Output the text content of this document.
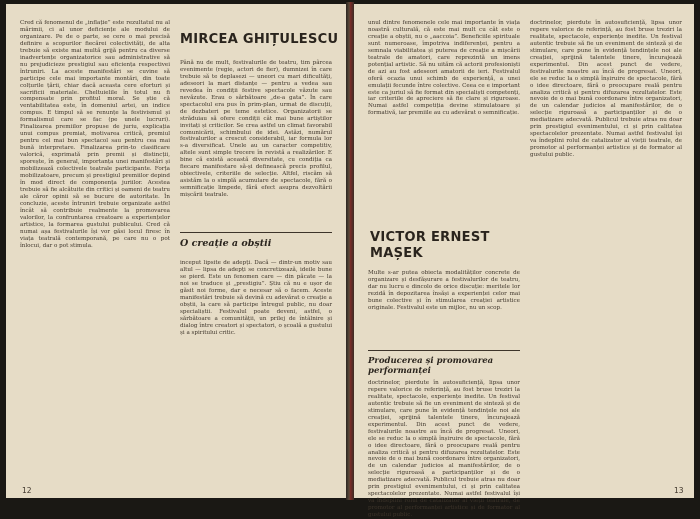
Cred că fenomenul de „inflație” este rezultatul nu al mărimii, ci al unor deficiențe ale modului de organizare. Pe de o parte, se cere o mai precisă definire a scopurilor fiecărei colectivități, de alta trebuie să existe mai multă grijă pentru ca diverse inadvertențe organizatorice sau administrative să nu prejudicieze prestigiul sau eficiența respectivei întruniri. La aceste manifestări se cuvine să participe cele mai importante montări, din toate colțurile țării, chiar dacă aceasta cere eforturi și sacrificii materiale. Cheltuielile în totul nu fi compensate prin profitul moral. Se știe că ventabilitatea este, în domeniul artei, un indice compus. E timpul să se renunțe la festivismul și formalismul care se fac (pe unele lucruri). Finalizarea premiilor propuse de juriu, explicația unui compus premiat, motivarea critică, premiul pentru cel mai bun spectacol sau pentru cea mai bună interpretare. Finalizarea prin-to clasificare valorică, exprimată prin premii și distincții, sporește, în general, importanța unei manifestări și mobilizează colectivele teatrale participante. Forța mobilizatoare, precum și prestigiul premiilor depind în mod direct de componența juriilor. Acestea trebuie să fie alcătuite din critici și oameni de teatru ale căror opinii să se bucure de autoritate. În concluzie, aceste întruniri trebuie organizate astfel încât să contribuie realmente la promovarea valorilor, la confruntarea creatoare a experiențelor artistice, la formarea gustului publicului. Cred că numai așa festivalurile își vor găsi locul firesc în viața teatrală contemporană, pe care nu o pot înlocui, dar o pot stimula.

MIRCEA GHIȚULESCU

Până nu de mult, festivalurile de teatru, tim pârcea evenimente (regie, actori de fier), dumnizei în care trebuie să te deplasezi — uneori cu mari dificultăți, adeseori la mari distanțe — pentru a vedea sau revedea în condiții festive spectacole văzute sau nevăzute. Erau o sărbătoare „de-a gata”. În care spectacolul era pus în prim-plan, urmat de discuții, de dezbateri pe teme estetice. Organizatorii se străduiau să ofere condiții cât mai bune artiștilor invitați și criticilor. Se crea astfel un climat favorabil comunicării, schimbului de idei. Astăzi, numărul festivalurilor a crescut considerabil, iar formula lor s-a diversificat. Unele au un caracter competitiv, altele sunt simple trecere în revistă a realizărilor. E bine că există această diversitate, cu condiția ca fiecare manifestare să-și definească precis profilul, obiectivele, criteriile de selecție. Altfel, riscăm să asistăm la o simplă acumulare de spectacole, fără o semnificație limpede, fără efect asupra dezvoltării mișcării teatrale.

O creație a obștii

inceput lipsite de adepți. Dacă — dintr-un motiv sau altul — lipsa de adepți se concretizează, ideile bune se pierd. Este un fenomen care — din păcate — la noi se traduce și „prestigiu”. Știu că nu e ușor de găsit noi forme, dar e necesar să o facem. Aceste manifestări trebuie să devină cu adevărat o creație a obștii, la care să participe întregul public, nu doar specialiștii. Festivalul poate deveni, astfel, o sărbătoare a comunității, un prilej de întâlnire și dialog între creatori și spectatori, o școală a gustului și a spiritului critic.

12

unul dintre fenomenele cele mai importante în viața noastră culturală, că este mai mult cu cât este o creație a obștii, nu o „aaccoia”. Beneficiile spirituale sunt numeroase, împotriva indiferenței, pentru a semnala viabilitatea și puterea de creație a mișcării teatrale de amatori, care reprezintă un imens potențial artistic. Să nu uităm că actorii profesioniști de azi au fost adeseori amatorii de ieri. Festivalul oferă ocazia unui schimb de experiență, a unei emulații fecunde între colective. Ceea ce e important este ca juriul să fie format din specialiști competenți, iar criteriile de apreciere să fie clare și riguroase. Numai astfel competiția devine stimulatoare și formativă, iar premiile au cu adevărat o semnificație.

VICTOR ERNEST MAȘEK

Multe s-ar putea obiecta modalităților concrete de organizare și desfășurare a festivalurilor de teatru, dar nu lucru e dincolo de orice discuție: meritele lor rezidă în depozitarea însăși a experienței celor mai bune colective și în stimularea creației artistice originale. Festivalul este un mijloc, nu un scop.

Producerea și promovarea performanței

doctrinelor, pierdute în autosuficiență, lipsa unor repere valorice de referință, au fost bruse treziri la realitate, spectacole, experiențe inedite. Un festival autentic trebuie să fie un eveniment de sinteză și de stimulare, care pune în evidență tendințele noi ale creației, sprijină talentele tinere, încurajează experimentul. Din acest punct de vedere, festivalurile noastre au încă de progresat. Uneori, ele se reduc la o simplă înșiruire de spectacole, fără o idee directoare, fără o preocupare reală pentru analiza critică și pentru difuzarea rezultatelor. Este nevoie de o mai bună coordonare între organizatori, de un calendar judicios al manifestărilor, de o selecție riguroasă a participanților și de o mediatizare adecvată. Publicul trebuie atras nu doar prin prestigiul evenimentului, ci și prin calitatea spectacolelor prezentate. Numai astfel festivalul își va îndeplini rolul de catalizator al vieții teatrale, de promotor al performanței artistice și de formator al gustului public.

doctrinelor, pierdute în autosuficiență, lipsa unor repere valorice de referință, au fost bruse treziri la realitate, spectacole, experiențe inedite. Un festival autentic trebuie să fie un eveniment de sinteză și de stimulare, care pune în evidență tendințele noi ale creației, sprijină talentele tinere, încurajează experimentul. Din acest punct de vedere, festivalurile noastre au încă de progresat. Uneori, ele se reduc la o simplă înșiruire de spectacole, fără o idee directoare, fără o preocupare reală pentru analiza critică și pentru difuzarea rezultatelor. Este nevoie de o mai bună coordonare între organizatori, de un calendar judicios al manifestărilor, de o selecție riguroasă a participanților și de o mediatizare adecvată. Publicul trebuie atras nu doar prin prestigiul evenimentului, ci și prin calitatea spectacolelor prezentate. Numai astfel festivalul își va îndeplini rolul de catalizator al vieții teatrale, de promotor al performanței artistice și de formator al gustului public.

13
